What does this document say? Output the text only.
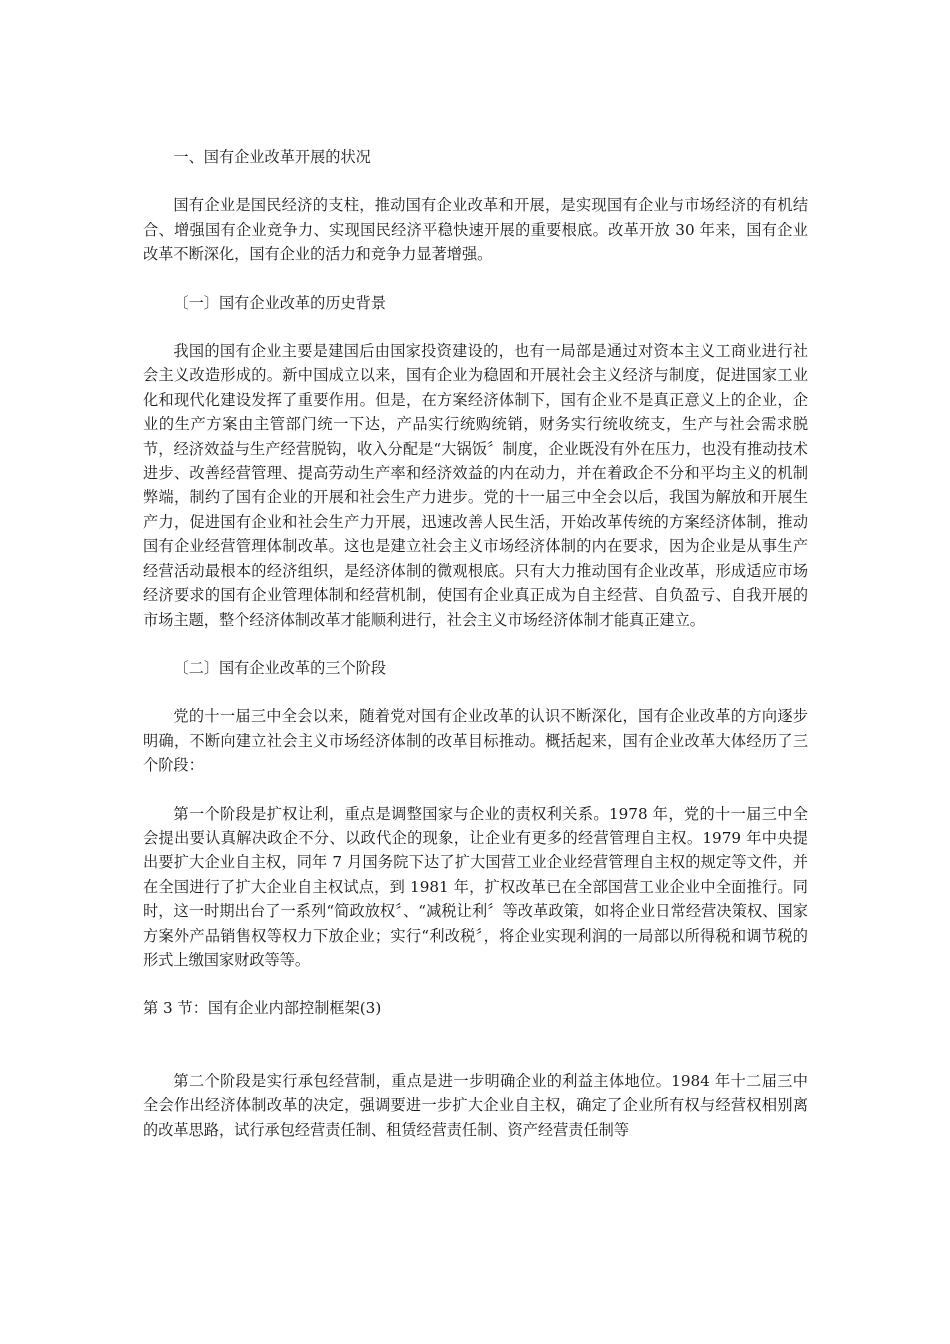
一、国有企业改革开展的状况

国有企业是国民经济的支柱，推动国有企业改革和开展，是实现国有企业与市场经济的有机结合、增强国有企业竞争力、实现国民经济平稳快速开展的重要根底。改革开放 30 年来，国有企业改革不断深化，国有企业的活力和竞争力显著增强。

〔一〕国有企业改革的历史背景

我国的国有企业主要是建国后由国家投资建设的，也有一局部是通过对资本主义工商业进行社会主义改造形成的。新中国成立以来，国有企业为稳固和开展社会主义经济与制度，促进国家工业化和现代化建设发挥了重要作用。但是，在方案经济体制下，国有企业不是真正意义上的企业，企业的生产方案由主管部门统一下达，产品实行统购统销，财务实行统收统支，生产与社会需求脱节，经济效益与生产经营脱钩，收入分配是“大锅饭〞制度，企业既没有外在压力，也没有推动技术进步、改善经营管理、提高劳动生产率和经济效益的内在动力，并在着政企不分和平均主义的机制弊端，制约了国有企业的开展和社会生产力进步。党的十一届三中全会以后，我国为解放和开展生产力，促进国有企业和社会生产力开展，迅速改善人民生活，开始改革传统的方案经济体制，推动国有企业经营管理体制改革。这也是建立社会主义市场经济体制的内在要求，因为企业是从事生产经营活动最根本的经济组织，是经济体制的微观根底。只有大力推动国有企业改革，形成适应市场经济要求的国有企业管理体制和经营机制，使国有企业真正成为自主经营、自负盈亏、自我开展的市场主题，整个经济体制改革才能顺利进行，社会主义市场经济体制才能真正建立。

〔二〕国有企业改革的三个阶段

党的十一届三中全会以来，随着党对国有企业改革的认识不断深化，国有企业改革的方向逐步明确，不断向建立社会主义市场经济体制的改革目标推动。概括起来，国有企业改革大体经历了三个阶段：

第一个阶段是扩权让利，重点是调整国家与企业的责权利关系。1978 年，党的十一届三中全会提出要认真解决政企不分、以政代企的现象，让企业有更多的经营管理自主权。1979 年中央提出要扩大企业自主权，同年 7 月国务院下达了扩大国营工业企业经营管理自主权的规定等文件，并在全国进行了扩大企业自主权试点，到 1981 年，扩权改革已在全部国营工业企业中全面推行。同时，这一时期出台了一系列“简政放权〞、“减税让利〞等改革政策，如将企业日常经营决策权、国家方案外产品销售权等权力下放企业；实行“利改税〞，将企业实现利润的一局部以所得税和调节税的形式上缴国家财政等等。

第 3 节：国有企业内部控制框架(3)

第二个阶段是实行承包经营制，重点是进一步明确企业的利益主体地位。1984 年十二届三中全会作出经济体制改革的决定，强调要进一步扩大企业自主权，确定了企业所有权与经营权相别离的改革思路，试行承包经营责任制、租赁经营责任制、资产经营责任制等
